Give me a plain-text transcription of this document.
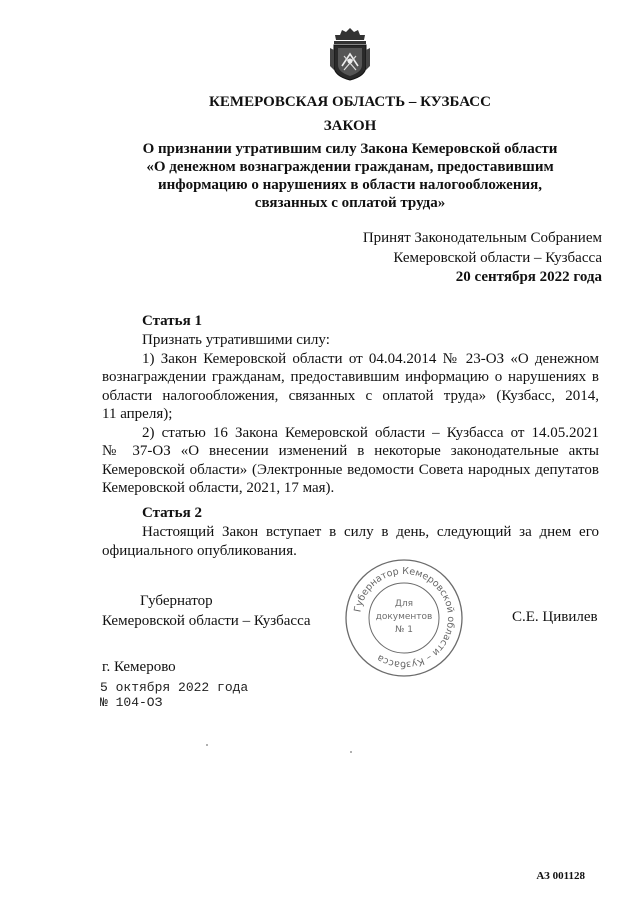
КЕМЕРОВСКАЯ ОБЛАСТЬ – КУЗБАСС
ЗАКОН
О признании утратившим силу Закона Кемеровской области
«О денежном вознаграждении гражданам, предоставившим
информацию о нарушениях в области налогообложения,
связанных с оплатой труда»
Принят Законодательным Собранием
Кемеровской области – Кузбасса
20 сентября 2022 года
Статья 1
Признать утратившими силу:
1) Закон Кемеровской области от 04.04.2014 № 23-ОЗ «О денежном
вознаграждении гражданам, предоставившим информацию о нарушениях в
области налогообложения, связанных с оплатой труда» (Кузбасс, 2014,
11 апреля);
2) статью 16 Закона Кемеровской области – Кузбасса от 14.05.2021
№ 37-ОЗ «О внесении изменений в некоторые законодательные акты
Кемеровской области» (Электронные ведомости Совета народных депутатов
Кемеровской области, 2021, 17 мая).
Статья 2
Настоящий Закон вступает в силу в день, следующий за днем его
официального опубликования.
Губернатор
Кемеровской области – Кузбасса	С.Е. Цивилев
Губернатор Кемеровской области – Кузбасса
Для
документов
№ 1
г. Кемерово
5 октября 2022 года
№ 104-ОЗ
АЗ 001128
